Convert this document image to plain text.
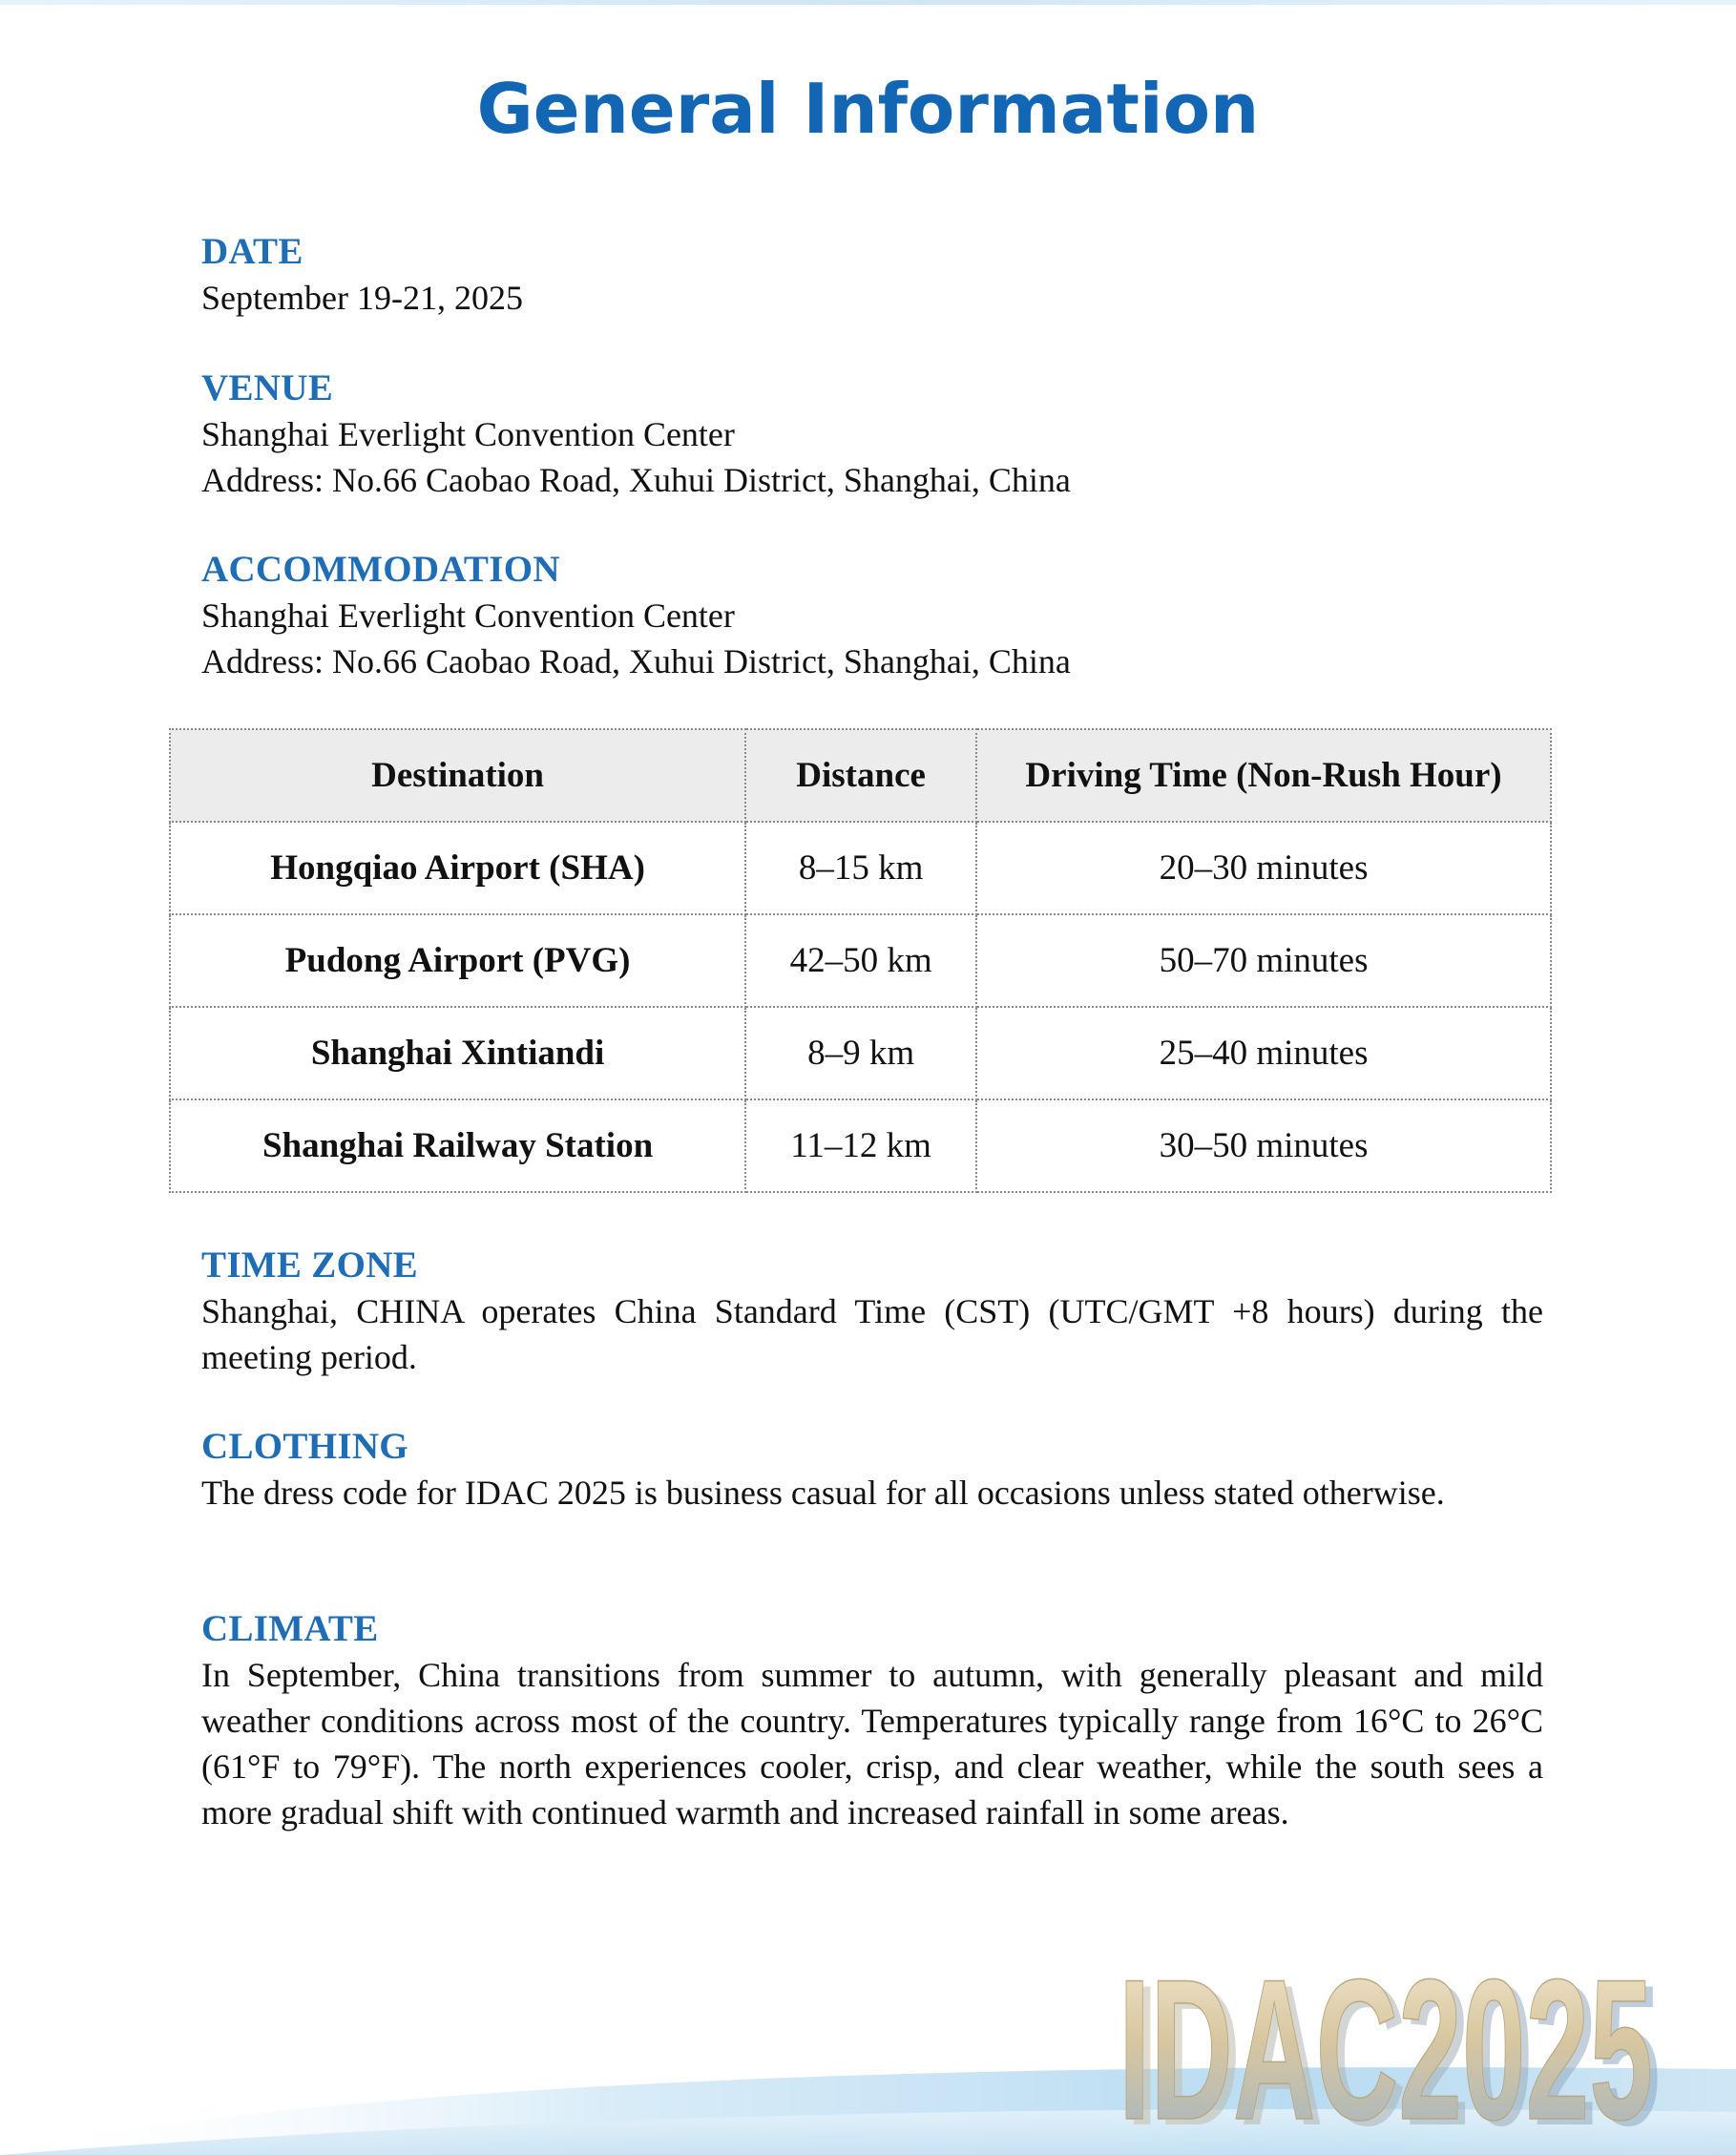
General Information

DATE

September 19-21, 2025

VENUE

Shanghai Everlight Convention Center

Address: No.66 Caobao Road, Xuhui District, Shanghai, China

ACCOMMODATION

Shanghai Everlight Convention Center

Address: No.66 Caobao Road, Xuhui District, Shanghai, China

Destination	Distance	Driving Time (Non-Rush Hour)
Hongqiao Airport (SHA)	8–15 km	20–30 minutes
Pudong Airport (PVG)	42–50 km	50–70 minutes
Shanghai Xintiandi	8–9 km	25–40 minutes
Shanghai Railway Station	11–12 km	30–50 minutes

TIME ZONE

Shanghai, CHINA operates China Standard Time (CST) (UTC/GMT +8 hours) during the meeting period.

CLOTHING

The dress code for IDAC 2025 is business casual for all occasions unless stated otherwise.

CLIMATE

In September, China transitions from summer to autumn, with generally pleasant and mild weather conditions across most of the country. Temperatures typically range from 16°C to 26°C (61°F to 79°F). The north experiences cooler, crisp, and clear weather, while the south sees a more gradual shift with continued warmth and increased rainfall in some areas.

IDAC2025
IDAC2025
